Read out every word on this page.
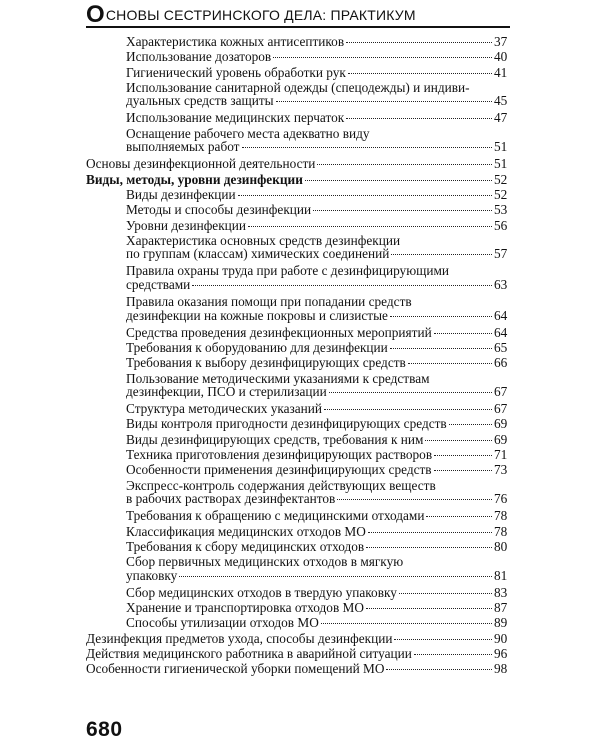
О СНОВЫ СЕСТРИНСКОГО ДЕЛА: ПРАКТИКУМ
Характеристика кожных антисептиков	37
Использование дозаторов	40
Гигиенический уровень обработки рук	41
Использование санитарной одежды (спецодежды) и индиви-
дуальных средств защиты	45
Использование медицинских перчаток	47
Оснащение рабочего места адекватно виду
выполняемых работ	51
Основы дезинфекционной деятельности	51
Виды, методы, уровни дезинфекции	52
Виды дезинфекции	52
Методы и способы дезинфекции	53
Уровни дезинфекции	56
Характеристика основных средств дезинфекции
по группам (классам) химических соединений	57
Правила охраны труда при работе с дезинфицирующими
средствами	63
Правила оказания помощи при попадании средств
дезинфекции на кожные покровы и слизистые	64
Средства проведения дезинфекционных мероприятий	64
Требования к оборудованию для дезинфекции	65
Требования к выбору дезинфицирующих средств	66
Пользование методическими указаниями к средствам
дезинфекции, ПСО и стерилизации	67
Структура методических указаний	67
Виды контроля пригодности дезинфицирующих средств	69
Виды дезинфицирующих средств, требования к ним	69
Техника приготовления дезинфицирующих растворов	71
Особенности применения дезинфицирующих средств	73
Экспресс-контроль содержания действующих веществ
в рабочих растворах дезинфектантов	76
Требования к обращению с медицинскими отходами	78
Классификация медицинских отходов МО	78
Требования к сбору медицинских отходов	80
Сбор первичных медицинских отходов в мягкую
упаковку	81
Сбор медицинских отходов в твердую упаковку	83
Хранение и транспортировка отходов МО	87
Способы утилизации отходов МО	89
Дезинфекция предметов ухода, способы дезинфекции	90
Действия медицинского работника в аварийной ситуации	96
Особенности гигиенической уборки помещений МО	98
680
